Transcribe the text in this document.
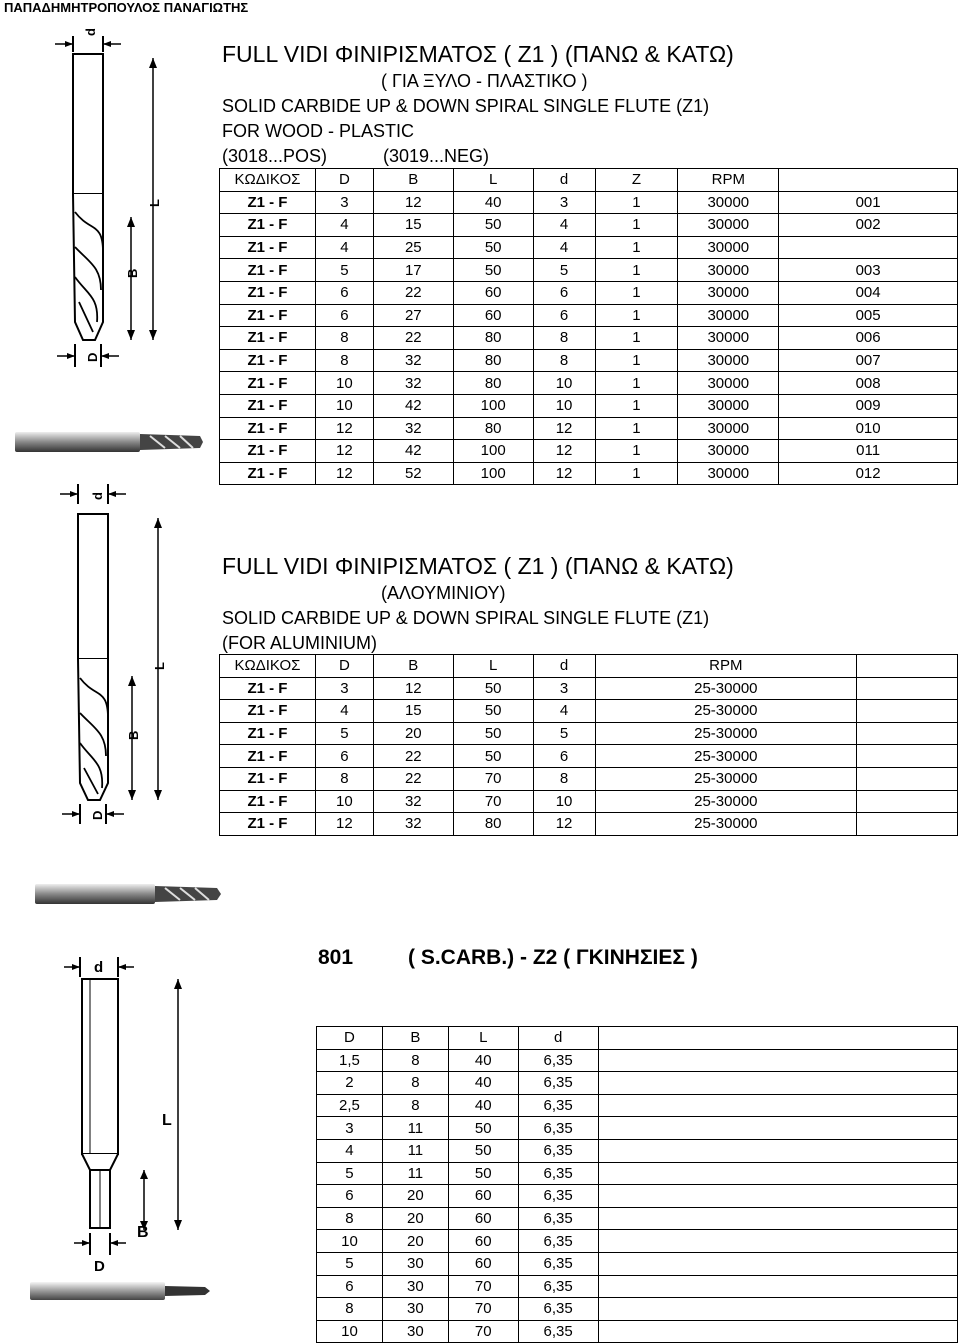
ΠΑΠΑΔΗΜΗΤΡΟΠΟΥΛΟΣ ΠΑΝΑΓΙΩΤΗΣ
d
L
B
D
FULL VIDI ΦΙΝΙΡΙΣΜΑΤΟΣ ( Z1 ) (ΠΑΝΩ & ΚΑΤΩ)
( ΓΙΑ ΞΥΛΟ - ΠΛΑΣΤΙΚΟ )
SOLID CARBIDE UP & DOWN SPIRAL SINGLE FLUTE (Z1)
FOR WOOD - PLASTIC
(3018...POS)	(3019...NEG)
ΚΩΔΙΚΟΣ	D	B	L	d	Z	RPM	
Z1 - F	3	12	40	3	1	30000	001
Z1 - F	4	15	50	4	1	30000	002
Z1 - F	4	25	50	4	1	30000	
Z1 - F	5	17	50	5	1	30000	003
Z1 - F	6	22	60	6	1	30000	004
Z1 - F	6	27	60	6	1	30000	005
Z1 - F	8	22	80	8	1	30000	006
Z1 - F	8	32	80	8	1	30000	007
Z1 - F	10	32	80	10	1	30000	008
Z1 - F	10	42	100	10	1	30000	009
Z1 - F	12	32	80	12	1	30000	010
Z1 - F	12	42	100	12	1	30000	011
Z1 - F	12	52	100	12	1	30000	012
d
L
B
D
FULL VIDI ΦΙΝΙΡΙΣΜΑΤΟΣ ( Z1 ) (ΠΑΝΩ & ΚΑΤΩ)
(ΑΛΟΥΜΙΝΙΟΥ)
SOLID CARBIDE UP & DOWN SPIRAL SINGLE FLUTE (Z1)
(FOR ALUMINIUM)
ΚΩΔΙΚΟΣ	D	B	L	d	RPM	
Z1 - F	3	12	50	3	25-30000	
Z1 - F	4	15	50	4	25-30000	
Z1 - F	5	20	50	5	25-30000	
Z1 - F	6	22	50	6	25-30000	
Z1 - F	8	22	70	8	25-30000	
Z1 - F	10	32	70	10	25-30000	
Z1 - F	12	32	80	12	25-30000	
d
L
B
D
801	( S.CARB.) - Z2 ( ΓΚΙΝΗΣΙΕΣ )
D	B	L	d	
1,5	8	40	6,35	
2	8	40	6,35	
2,5	8	40	6,35	
3	11	50	6,35	
4	11	50	6,35	
5	11	50	6,35	
6	20	60	6,35	
8	20	60	6,35	
10	20	60	6,35	
5	30	60	6,35	
6	30	70	6,35	
8	30	70	6,35	
10	30	70	6,35	
